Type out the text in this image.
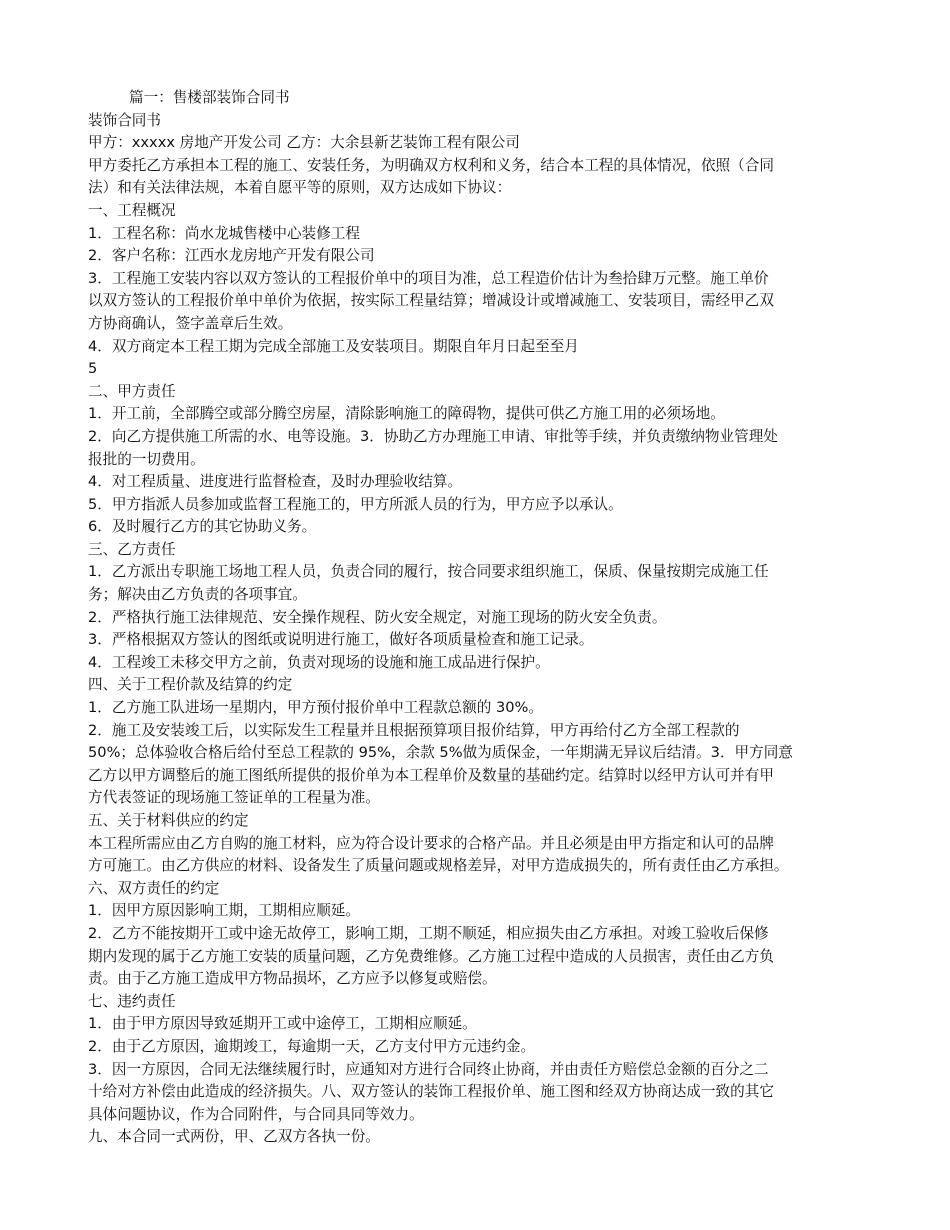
篇一：售楼部装饰合同书
装饰合同书
甲方：xxxxx 房地产开发公司 乙方：大余县新艺装饰工程有限公司
甲方委托乙方承担本工程的施工、安装任务，为明确双方权利和义务，结合本工程的具体情况，依照（合同
法）和有关法律法规，本着自愿平等的原则，双方达成如下协议：
一、工程概况
1．工程名称：尚水龙城售楼中心装修工程
2．客户名称：江西水龙房地产开发有限公司
3．工程施工安装内容以双方签认的工程报价单中的项目为准，总工程造价估计为叁拾肆万元整。施工单价
以双方签认的工程报价单中单价为依据，按实际工程量结算；增减设计或增减施工、安装项目，需经甲乙双
方协商确认，签字盖章后生效。
4．双方商定本工程工期为完成全部施工及安装项目。期限自年月日起至至月
5
二、甲方责任
1．开工前，全部腾空或部分腾空房屋，清除影响施工的障碍物，提供可供乙方施工用的必须场地。
2．向乙方提供施工所需的水、电等设施。3．协助乙方办理施工申请、审批等手续，并负责缴纳物业管理处
报批的一切费用。
4．对工程质量、进度进行监督检查，及时办理验收结算。
5．甲方指派人员参加或监督工程施工的，甲方所派人员的行为，甲方应予以承认。
6．及时履行乙方的其它协助义务。
三、乙方责任
1．乙方派出专职施工场地工程人员，负责合同的履行，按合同要求组织施工，保质、保量按期完成施工任
务；解决由乙方负责的各项事宜。
2．严格执行施工法律规范、安全操作规程、防火安全规定，对施工现场的防火安全负责。
3．严格根据双方签认的图纸或说明进行施工，做好各项质量检查和施工记录。
4．工程竣工未移交甲方之前，负责对现场的设施和施工成品进行保护。
四、关于工程价款及结算的约定
1．乙方施工队进场一星期内，甲方预付报价单中工程款总额的 30%。
2．施工及安装竣工后，以实际发生工程量并且根据预算项目报价结算，甲方再给付乙方全部工程款的
50%；总体验收合格后给付至总工程款的 95%，余款 5%做为质保金，一年期满无异议后结清。3．甲方同意
乙方以甲方调整后的施工图纸所提供的报价单为本工程单价及数量的基础约定。结算时以经甲方认可并有甲
方代表签证的现场施工签证单的工程量为准。
五、关于材料供应的约定
本工程所需应由乙方自购的施工材料，应为符合设计要求的合格产品。并且必须是由甲方指定和认可的品牌
方可施工。由乙方供应的材料、设备发生了质量问题或规格差异，对甲方造成损失的，所有责任由乙方承担。
六、双方责任的约定
1．因甲方原因影响工期，工期相应顺延。
2．乙方不能按期开工或中途无故停工，影响工期，工期不顺延，相应损失由乙方承担。对竣工验收后保修
期内发现的属于乙方施工安装的质量问题，乙方免费维修。乙方施工过程中造成的人员损害，责任由乙方负
责。由于乙方施工造成甲方物品损坏，乙方应予以修复或赔偿。
七、违约责任
1．由于甲方原因导致延期开工或中途停工，工期相应顺延。
2．由于乙方原因，逾期竣工，每逾期一天，乙方支付甲方元违约金。
3．因一方原因，合同无法继续履行时，应通知对方进行合同终止协商，并由责任方赔偿总金额的百分之二
十给对方补偿由此造成的经济损失。八、双方签认的装饰工程报价单、施工图和经双方协商达成一致的其它
具体问题协议，作为合同附件，与合同具同等效力。
九、本合同一式两份，甲、乙双方各执一份。
